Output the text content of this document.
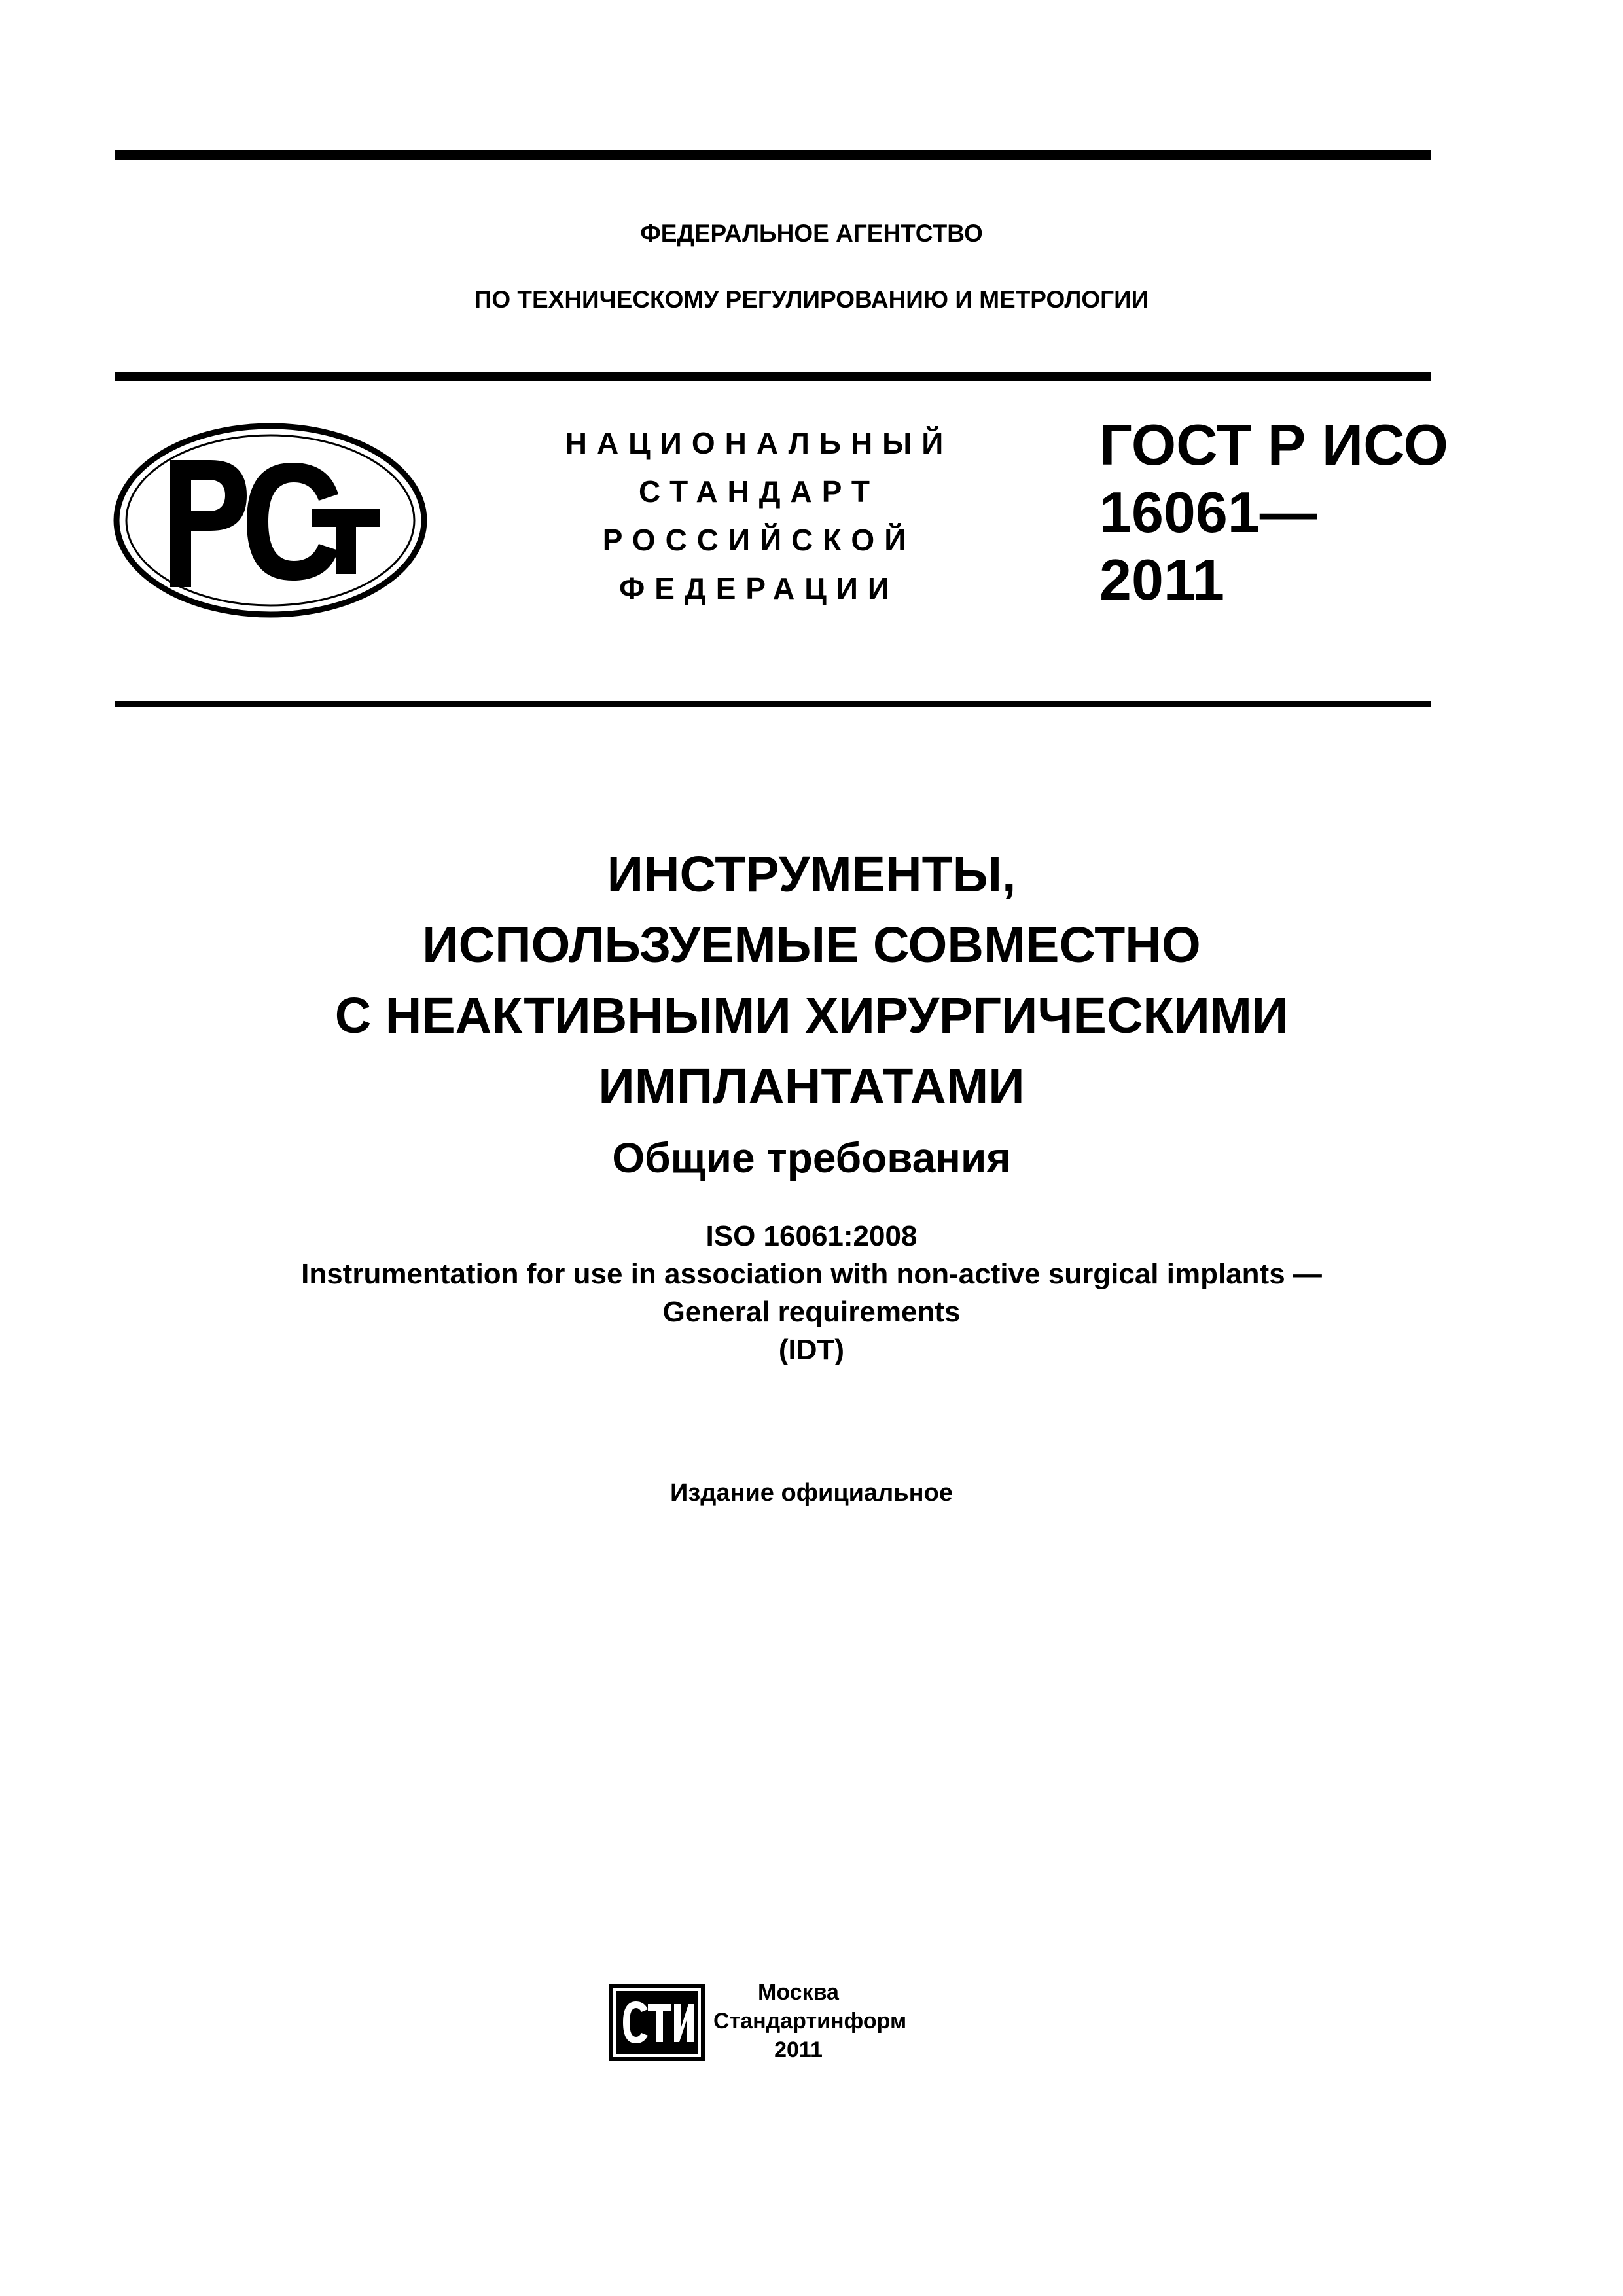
ФЕДЕРАЛЬНОЕ АГЕНТСТВО
ПО ТЕХНИЧЕСКОМУ РЕГУЛИРОВАНИЮ И МЕТРОЛОГИИ
НАЦИОНАЛЬНЫЙ
СТАНДАРТ
РОССИЙСКОЙ
ФЕДЕРАЦИИ
ГОСТ Р ИСО
16061—
2011
ИНСТРУМЕНТЫ,
ИСПОЛЬЗУЕМЫЕ СОВМЕСТНО
С НЕАКТИВНЫМИ ХИРУРГИЧЕСКИМИ
ИМПЛАНТАТАМИ
Общие требования
ISO 16061:2008
Instrumentation for use in association with non-active surgical implants —
General requirements
(IDT)
Издание официальное
Москва
Стандартинформ
2011
